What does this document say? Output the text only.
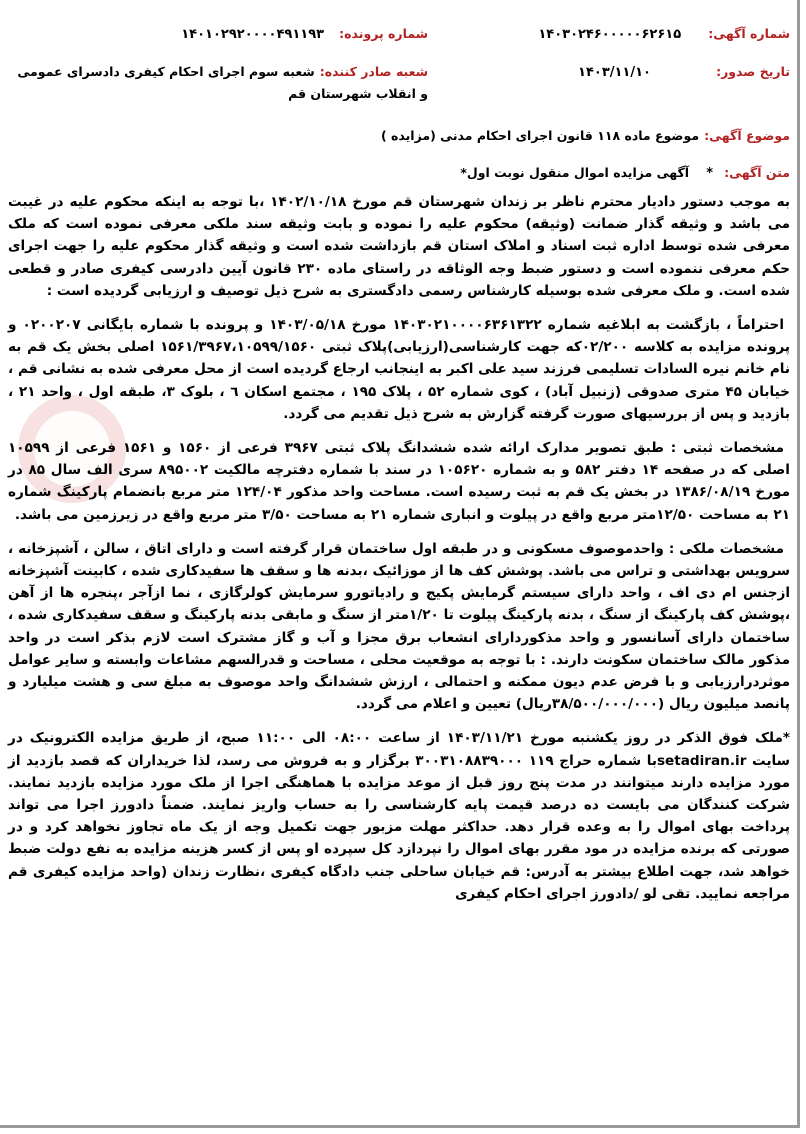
شماره آگهی: ۱۴۰۳۰۲۴۶۰۰۰۰۰۶۲۶۱۵
تاریخ صدور: ۱۴۰۳/۱۱/۱۰
شماره پرونده: ۱۴۰۱۰۲۹۲۰۰۰۰۴۹۱۱۹۳
شعبه صادر کننده: شعبه سوم اجرای احکام کیفری دادسرای عمومی و انقلاب شهرستان قم
موضوع آگهی: موضوع ماده ۱۱۸ قانون اجرای احکام مدنی (مزایده )
متن آگهی: * آگهی مزایده اموال منقول نوبت اول*

به موجب دستور دادیار محترم ناظر بر زندان شهرستان قم مورخ ۱۴۰۲/۱۰/۱۸ ،با توجه به اینکه محکوم علیه در غیبت می باشد و وثیقه گذار ضمانت (وثیقه) محکوم علیه را نموده و بابت وثیقه سند ملکی معرفی نموده است که ملک معرفی شده توسط اداره ثبت اسناد و املاک استان قم بازداشت شده است و وثیقه گذار محکوم علیه را جهت اجرای حکم معرفی ننموده است و دستور ضبط وجه الوثاقه در راستای ماده ۲۳۰ قانون آیین دادرسی کیفری صادر و قطعی شده است. و ملک معرفی شده بوسیله کارشناس رسمی دادگستری به شرح ذیل توصیف و ارزیابی گردیده است :

احتراماً ، بازگشت به ابلاغیه شماره ۱۴۰۳۰۲۱۰۰۰۰۶۳۶۱۳۲۲ مورخ ۱۴۰۳/۰۵/۱۸ و پرونده با شماره بایگانی ۰۲۰۰۲۰۷ و پرونده مزایده به کلاسه ۰۲/۲۰۰که جهت کارشناسی(ارزیابی)پلاک ثبتی ۱۵۶۱/۳۹۶۷،۱۰۵۹۹/۱۵۶۰ اصلی بخش یک قم به نام خانم نیره السادات تسلیمی فرزند سید علی اکبر به اینجانب ارجاع گردیده است از محل معرفی شده به نشانی قم ، خیابان ۴۵ متری صدوقی (زنبیل آباد) ، کوی شماره ۵۲ ، پلاک ۱۹۵ ، مجتمع اسکان ٦ ، بلوک ۳، طبقه اول ، واحد ۲۱ ، بازدید و پس از بررسیهای صورت گرفته گزارش به شرح ذیل تقدیم می گردد.

مشخصات ثبتی : طبق تصویر مدارک ارائه شده ششدانگ پلاک ثبتی ۳۹۶۷ فرعی از ۱۵۶۰ و ۱۵۶۱ فرعی از ۱۰۵۹۹ اصلی که در صفحه ۱۴ دفتر ۵۸۲ و به شماره ۱۰۵۶۲۰ در سند با شماره دفترچه مالکیت ۸۹۵۰۰۲ سری الف سال ۸۵ در مورخ ۱۳۸۶/۰۸/۱۹ در بخش یک قم به ثبت رسیده است. مساحت واحد مذکور ۱۲۴/۰۴ متر مربع بانضمام پارکینگ شماره ۲۱ به مساحت ۱۲/۵۰متر مربع واقع در پیلوت و انباری شماره ۲۱ به مساحت ۳/۵۰ متر مربع واقع در زیرزمین می باشد.

مشخصات ملکی : واحدموصوف مسکونی و در طبقه اول ساختمان قرار گرفته است و دارای اتاق ، سالن ، آشپزخانه ، سرویس بهداشتی و تراس می باشد. پوشش کف ها از موزائیک ،بدنه ها و سقف ها سفیدکاری شده ، کابینت آشپزخانه ازجنس ام دی اف ، واحد دارای سیستم گرمایش پکیج و رادیاتورو سرمایش کولرگازی ، نما ازآجر ،پنجره ها از آهن ،پوشش کف پارکینگ از سنگ ، بدنه پارکینگ پیلوت تا ۱/۲۰متر از سنگ و مابقی بدنه پارکینگ و سقف سفیدکاری شده ، ساختمان دارای آسانسور و واحد مذکوردارای انشعاب برق مجزا و آب و گاز مشترک است لازم بذکر است در واحد مذکور مالک ساختمان سکونت دارند. : با توجه به موقعیت محلی ، مساحت و قدرالسهم مشاعات وابسته و سایر عوامل موثردرارزیابی و با فرض عدم دیون ممکنه و احتمالی ، ارزش ششدانگ واحد موصوف به مبلغ سی و هشت میلیارد و پانصد میلیون ریال (۳۸/۵۰۰/۰۰۰/۰۰۰ریال) تعیین و اعلام می گردد.

*ملک فوق الذکر در روز یکشنبه مورخ ۱۴۰۳/۱۱/۲۱ از ساعت ۰۸:۰۰ الی ۱۱:۰۰ صبح، از طریق مزایده الکترونیک در سایت setadiran.irبا شماره حراج ۱۱۹ ۳۰۰۳۱۰۸۸۳۹۰۰۰ برگزار و به فروش می رسد، لذا خریداران که قصد بازدید از مورد مزایده دارند میتوانند در مدت پنج روز قبل از موعد مزایده با هماهنگی اجرا از ملک مورد مزایده بازدید نمایند. شرکت کنندگان می بایست ده درصد قیمت پایه کارشناسی را به حساب واریز نمایند. ضمناً دادورز اجرا می تواند پرداخت بهای اموال را به وعده قرار دهد. حداکثر مهلت مزبور جهت تکمیل وجه از یک ماه تجاوز نخواهد کرد و در صورتی که برنده مزایده در مود مقرر بهای اموال را نپردازد کل سپرده او پس از کسر هزینه مزایده به نفع دولت ضبط خواهد شد، جهت اطلاع بیشتر به آدرس: قم خیابان ساحلی جنب دادگاه کیفری ،نظارت زندان (واحد مزایده کیفری قم مراجعه نمایید. تقی لو /دادورز اجرای احکام کیفری
